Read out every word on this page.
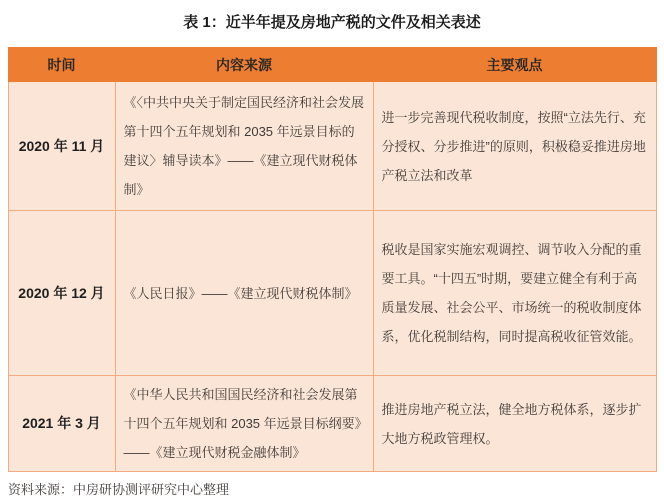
表 1：近半年提及房地产税的文件及相关表述
时间	内容来源	主要观点
2020 年 11 月	《〈中共中央关于制定国民经济和社会发展第十四个五年规划和 2035 年远景目标的建议〉辅导读本》——《建立现代财税体制》	进一步完善现代税收制度，按照“立法先行、充分授权、分步推进”的原则，积极稳妥推进房地产税立法和改革
2020 年 12 月	《人民日报》——《建立现代财税体制》	税收是国家实施宏观调控、调节收入分配的重要工具。“十四五”时期，要建立健全有利于高质量发展、社会公平、市场统一的税收制度体系，优化税制结构，同时提高税收征管效能。
2021 年 3 月	《中华人民共和国国民经济和社会发展第十四个五年规划和 2035 年远景目标纲要》——《建立现代财税金融体制》	推进房地产税立法，健全地方税体系，逐步扩大地方税政管理权。
资料来源：中房研协测评研究中心整理
